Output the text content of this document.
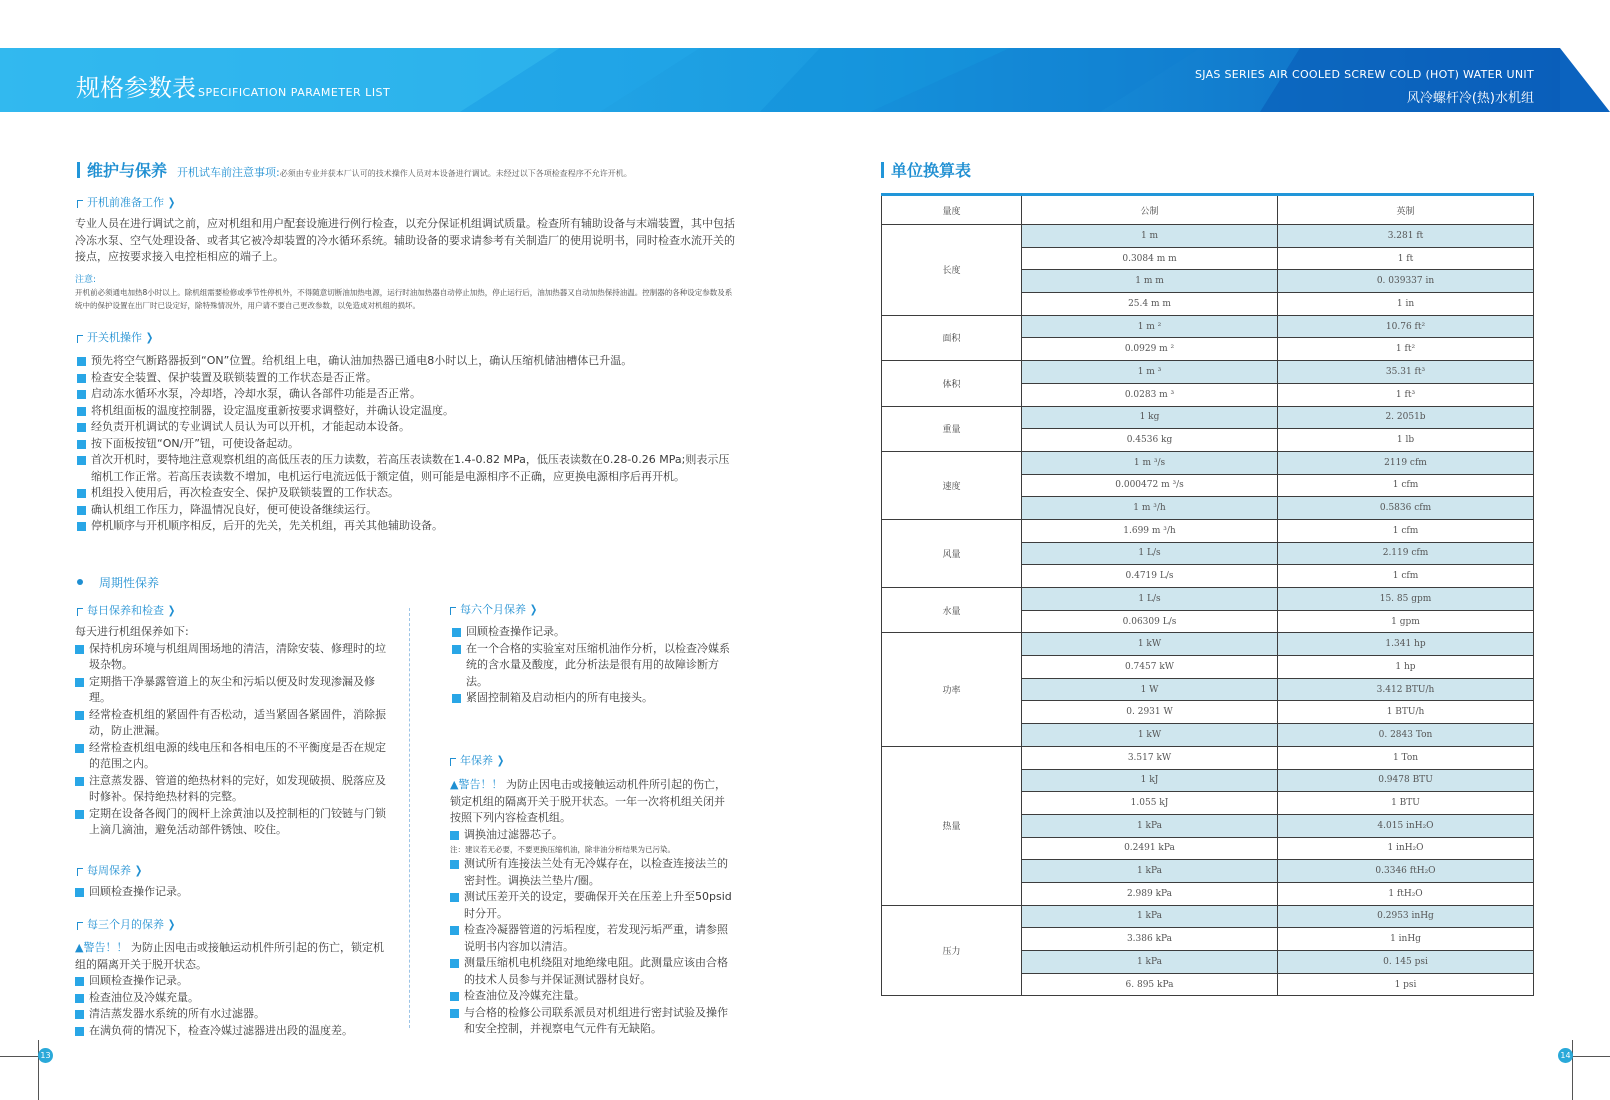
规格参数表 SPECIFICATION PARAMETER LIST
SJAS SERIES AIR COOLED SCREW COLD (HOT) WATER UNIT
风冷螺杆冷(热)水机组
维护与保养 开机试车前注意事项: 必须由专业并获本厂认可的技术操作人员对本设备进行调试。未经过以下各项检查程序不允许开机。
开机前准备工作 ❯
专业人员在进行调试之前，应对机组和用户配套设施进行例行检查，以充分保证机组调试质量。检查所有辅助设备与末端装置，其中包括冷冻水泵、空气处理设备、或者其它被冷却装置的冷水循环系统。辅助设备的要求请参考有关制造厂的使用说明书，同时检查水流开关的接点，应按要求接入电控柜相应的端子上。
注意:
开机前必须通电加热8小时以上。除机组需要检修或季节性停机外，不得随意切断油加热电源，运行时油加热器自动停止加热，停止运行后，油加热器又自动加热保持油温。控制器的各种设定参数及系统中的保护设置在出厂时已设定好，除特殊情况外，用户请不要自己更改参数，以免造成对机组的损坏。
开关机操作 ❯
预先将空气断路器扳到“ON”位置。给机组上电，确认油加热器已通电8小时以上，确认压缩机储油槽体已升温。
检查安全装置、保护装置及联锁装置的工作状态是否正常。
启动冻水循环水泵，冷却塔，冷却水泵，确认各部件功能是否正常。
将机组面板的温度控制器，设定温度重新按要求调整好，并确认设定温度。
经负责开机调试的专业调试人员认为可以开机，才能起动本设备。
按下面板按钮“ON/开”钮，可使设备起动。
首次开机时，要特地注意观察机组的高低压表的压力读数，若高压表读数在1.4-0.82 MPa，低压表读数在0.28-0.26 MPa;则表示压缩机工作正常。若高压表读数不增加，电机运行电流远低于额定值，则可能是电源相序不正确，应更换电源相序后再开机。
机组投入使用后，再次检查安全、保护及联锁装置的工作状态。
确认机组工作压力，降温情况良好，便可使设备继续运行。
停机顺序与开机顺序相反，后开的先关，先关机组，再关其他辅助设备。
周期性保养
每日保养和检查 ❯
每天进行机组保养如下:
保持机房环境与机组周围场地的清洁，清除安装、修理时的垃圾杂物。
定期揩干净暴露管道上的灰尘和污垢以便及时发现渗漏及修理。
经常检查机组的紧固件有否松动，适当紧固各紧固件，消除振动，防止泄漏。
经常检查机组电源的线电压和各相电压的不平衡度是否在规定的范围之内。
注意蒸发器、管道的绝热材料的完好，如发现破损、脱落应及时修补。保持绝热材料的完整。
定期在设备各阀门的阀杆上涂黄油以及控制柜的门铰链与门锁上滴几滴油，避免活动部件锈蚀、咬住。
每周保养 ❯
回顾检查操作记录。
每三个月的保养 ❯
▲警告！！ 为防止因电击或接触运动机件所引起的伤亡，锁定机组的隔离开关于脱开状态。
回顾检查操作记录。
检查油位及冷媒充量。
清洁蒸发器水系统的所有水过滤器。
在满负荷的情况下，检查冷媒过滤器进出段的温度差。
每六个月保养 ❯
回顾检查操作记录。
在一个合格的实验室对压缩机油作分析，以检查冷媒系统的含水量及酸度，此分析法是很有用的故障诊断方法。
紧固控制箱及启动柜内的所有电接头。
年保养 ❯
▲警告！！ 为防止因电击或接触运动机件所引起的伤亡，锁定机组的隔离开关于脱开状态。一年一次将机组关闭并按照下列内容检查机组。
调换油过滤器芯子。
注：建议若无必要，不要更换压缩机油，除非油分析结果为已污染。
测试所有连接法兰处有无冷媒存在，以检查连接法兰的密封性。调换法兰垫片/圈。
测试压差开关的设定，要确保开关在压差上升至50psid时分开。
检查冷凝器管道的污垢程度，若发现污垢严重，请参照说明书内容加以清洁。
测量压缩机电机绕阻对地绝缘电阻。此测量应该由合格的技术人员参与并保证测试器材良好。
检查油位及冷媒充注量。
与合格的检修公司联系派员对机组进行密封试验及操作和安全控制，并视察电气元件有无缺陷。
单位换算表
量度	公制	英制
长度	1 m	3.281 ft
	0.3084 m m	1 ft
	1 m m	0. 039337 in
	25.4 m m	1 in
面积	1 m ²	10.76 ft²
	0.0929 m ²	1 ft²
体积	1 m ³	35.31 ft³
	0.0283 m ³	1 ft³
重量	1 kg	2. 2051b
	0.4536 kg	1 lb
速度	1 m ³/s	2119 cfm
	0.000472 m ³/s	1 cfm
	1 m ³/h	0.5836 cfm
风量	1.699 m ³/h	1 cfm
	1 L/s	2.119 cfm
	0.4719 L/s	1 cfm
水量	1 L/s	15. 85 gpm
	0.06309 L/s	1 gpm
功率	1 kW	1.341 hp
	0.7457 kW	1 hp
	1 W	3.412 BTU/h
	0. 2931 W	1 BTU/h
	1 kW	0. 2843 Ton
热量	3.517 kW	1 Ton
	1 kJ	0.9478 BTU
	1.055 kJ	1 BTU
	1 kPa	4.015 inH₂O
	0.2491 kPa	1 inH₂O
	1 kPa	0.3346 ftH₂O
	2.989 kPa	1 ftH₂O
压力	1 kPa	0.2953 inHg
	3.386 kPa	1 inHg
	1 kPa	0. 145 psi
	6. 895 kPa	1 psi
13	14
